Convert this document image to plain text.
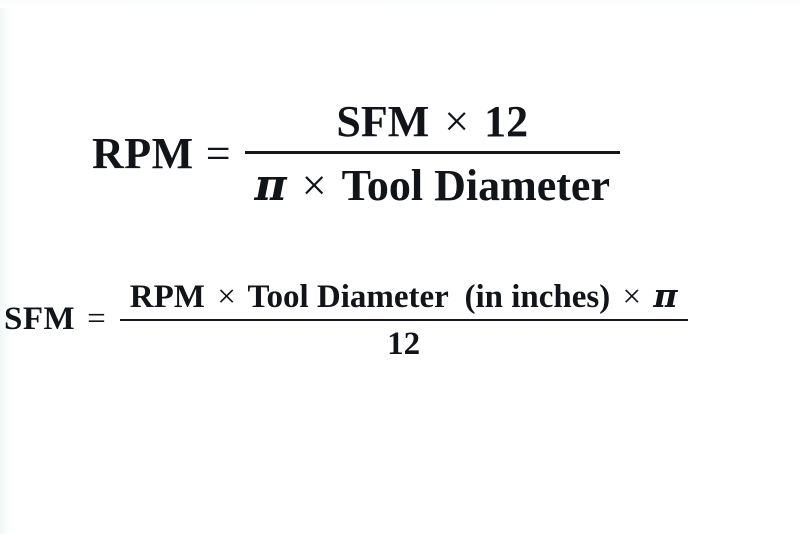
RPM = $\frac{\text{SFM × 12}}{\text{π × Tool Diameter}}$
SFM =
RPM × Tool Diameter (in inches) × π
12
